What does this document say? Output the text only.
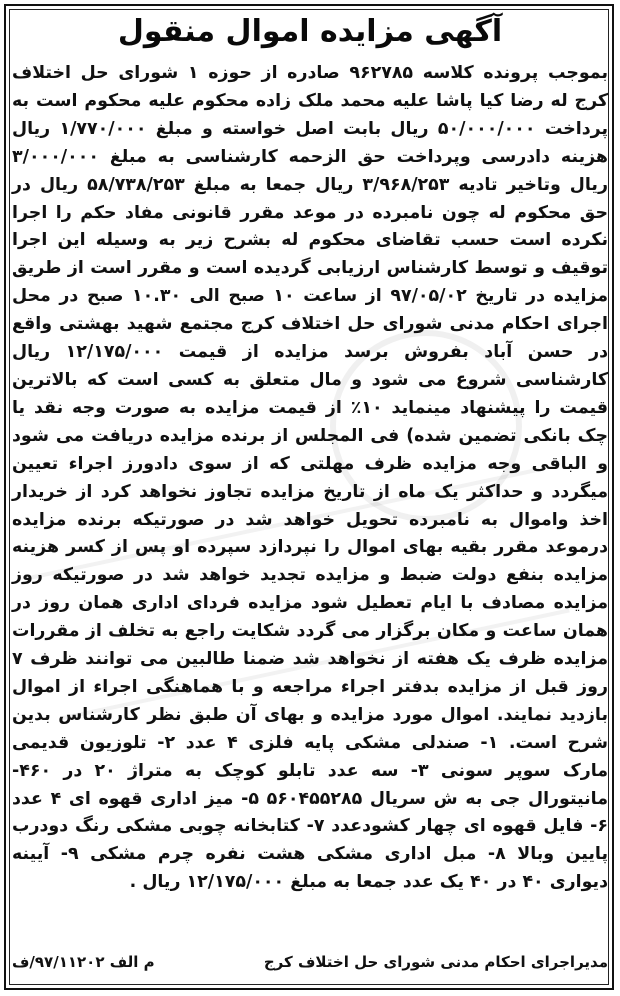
آگهی مزایده اموال منقول
بموجب پرونده کلاسه ۹۶۲۷۸۵ صادره از حوزه ۱ شورای حل اختلاف کرج له رضا کیا پاشا علیه محمد ملک زاده محکوم علیه محکوم است به پرداخت ۵۰/۰۰۰/۰۰۰ ریال بابت اصل خواسته و مبلغ ۱/۷۷۰/۰۰۰ ریال هزینه دادرسی وپرداخت حق الزحمه کارشناسی به مبلغ ۳/۰۰۰/۰۰۰ ریال وتاخیر تادیه ۳/۹۶۸/۲۵۳ ریال جمعا به مبلغ ۵۸/۷۳۸/۲۵۳ ریال در حق محکوم له چون نامبرده در موعد مقرر قانونی مفاد حکم را اجرا نکرده است حسب تقاضای محکوم له بشرح زیر به وسیله این اجرا توقیف و توسط کارشناس ارزیابی گردیده است و مقرر است از طریق مزایده در تاریخ ۹۷/۰۵/۰۲ از ساعت ۱۰ صبح الی ۱۰.۳۰ صبح در محل اجرای احکام مدنی شورای حل اختلاف کرج مجتمع شهید بهشتی واقع در حسن آباد بفروش برسد مزایده از قیمت ۱۲/۱۷۵/۰۰۰ ریال کارشناسی شروع می شود و مال متعلق به کسی است که بالاترین قیمت را پیشنهاد مینماید ۱۰٪ از قیمت مزایده به صورت وجه نقد یا چک بانکی تضمین شده) فی المجلس از برنده مزایده دریافت می شود و الباقی وجه مزایده ظرف مهلتی که از سوی دادورز اجراء تعیین میگردد و حداکثر یک ماه از تاریخ مزایده تجاوز نخواهد کرد از خریدار اخذ واموال به نامبرده تحویل خواهد شد در صورتیکه برنده مزایده درموعد مقرر بقیه بهای اموال را نپردازد سپرده او پس از کسر هزینه مزایده بنفع دولت ضبط و مزایده تجدید خواهد شد در صورتیکه روز مزایده مصادف با ایام تعطیل شود مزایده فردای اداری همان روز در همان ساعت و مکان برگزار می گردد شکایت راجع به تخلف از مقررات مزایده ظرف یک هفته از نخواهد شد ضمنا طالبین می توانند ظرف ۷ روز قبل از مزایده بدفتر اجراء مراجعه و با هماهنگی اجراء از اموال بازدید نمایند. اموال مورد مزایده و بهای آن طبق نظر کارشناس بدین شرح است. ۱- صندلی مشکی پایه فلزی ۴ عدد ۲- تلوزیون قدیمی مارک سوپر سونی ۳- سه عدد تابلو کوچک به متراژ ۲۰ در ۴۶۰- مانیتورال جی به ش سریال ۵۶۰۴۵۵۲۸۵ ۵- میز اداری قهوه ای ۴ عدد ۶- فایل قهوه ای چهار کشودعدد ۷- کتابخانه چوبی مشکی رنگ دودرب پایین وبالا ۸- مبل اداری مشکی هشت نفره چرم مشکی ۹- آیینه دیواری ۴۰ در ۴۰ یک عدد جمعا به مبلغ ۱۲/۱۷۵/۰۰۰ ریال .
مدیراجرای احکام مدنی شورای حل اختلاف کرج
م الف ۹۷/۱۱۲۰۲/ف
